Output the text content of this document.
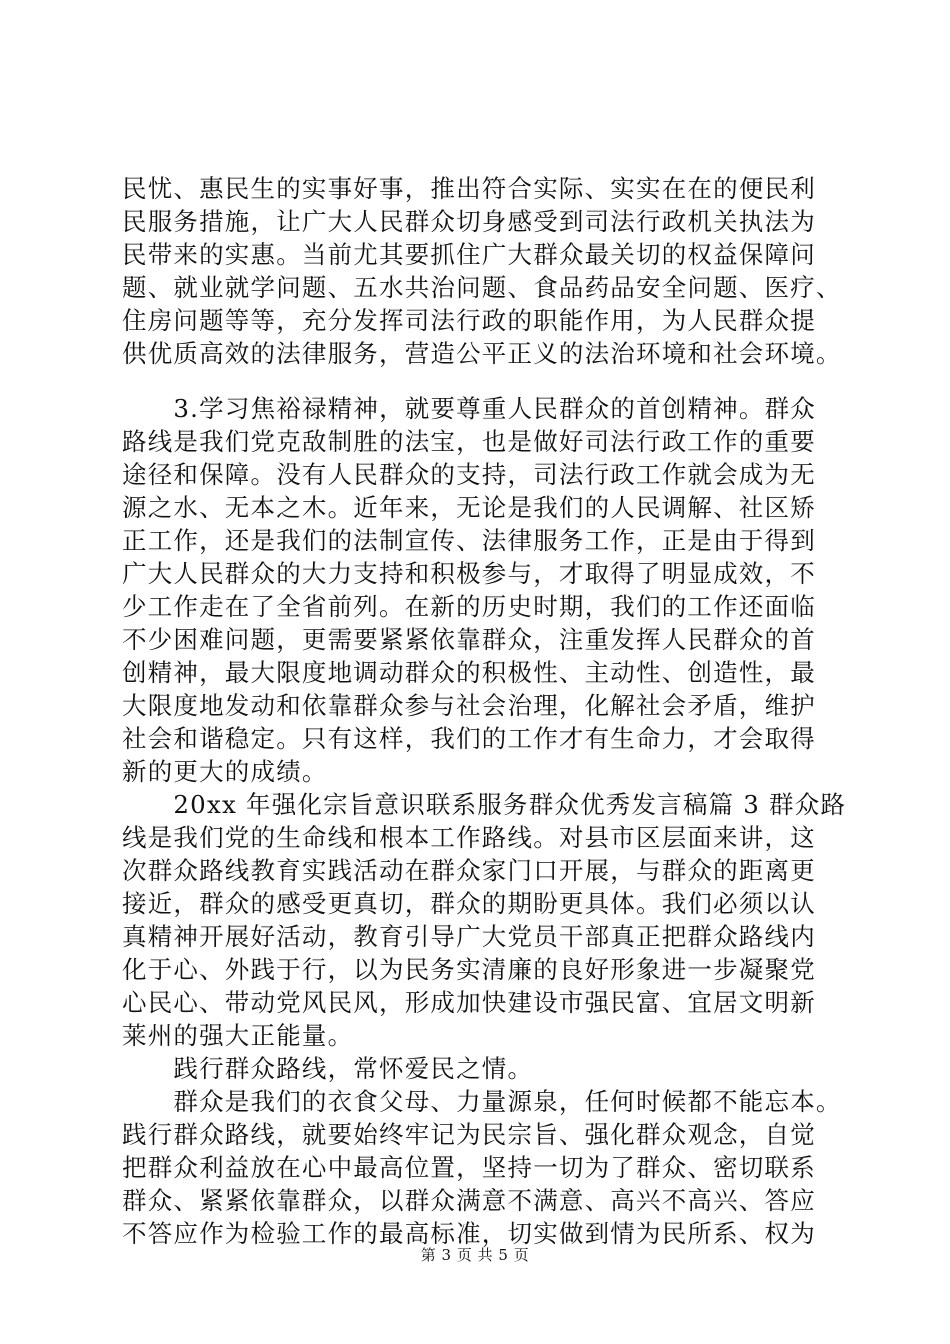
民忧、惠民生的实事好事，推出符合实际、实实在在的便民利
民服务措施，让广大人民群众切身感受到司法行政机关执法为
民带来的实惠。当前尤其要抓住广大群众最关切的权益保障问
题、就业就学问题、五水共治问题、食品药品安全问题、医疗、
住房问题等等，充分发挥司法行政的职能作用，为人民群众提
供优质高效的法律服务，营造公平正义的法治环境和社会环境。
　　3.学习焦裕禄精神，就要尊重人民群众的首创精神。群众
路线是我们党克敌制胜的法宝，也是做好司法行政工作的重要
途径和保障。没有人民群众的支持，司法行政工作就会成为无
源之水、无本之木。近年来，无论是我们的人民调解、社区矫
正工作，还是我们的法制宣传、法律服务工作，正是由于得到
广大人民群众的大力支持和积极参与，才取得了明显成效，不
少工作走在了全省前列。在新的历史时期，我们的工作还面临
不少困难问题，更需要紧紧依靠群众，注重发挥人民群众的首
创精神，最大限度地调动群众的积极性、主动性、创造性，最
大限度地发动和依靠群众参与社会治理，化解社会矛盾，维护
社会和谐稳定。只有这样，我们的工作才有生命力，才会取得
新的更大的成绩。
　　20xx 年强化宗旨意识联系服务群众优秀发言稿篇 3 群众路
线是我们党的生命线和根本工作路线。对县市区层面来讲，这
次群众路线教育实践活动在群众家门口开展，与群众的距离更
接近，群众的感受更真切，群众的期盼更具体。我们必须以认
真精神开展好活动，教育引导广大党员干部真正把群众路线内
化于心、外践于行，以为民务实清廉的良好形象进一步凝聚党
心民心、带动党风民风，形成加快建设市强民富、宜居文明新
莱州的强大正能量。
　　践行群众路线，常怀爱民之情。
　　群众是我们的衣食父母、力量源泉，任何时候都不能忘本。
践行群众路线，就要始终牢记为民宗旨、强化群众观念，自觉
把群众利益放在心中最高位置，坚持一切为了群众、密切联系
群众、紧紧依靠群众，以群众满意不满意、高兴不高兴、答应
不答应作为检验工作的最高标准，切实做到情为民所系、权为
第 3 页 共 5 页
